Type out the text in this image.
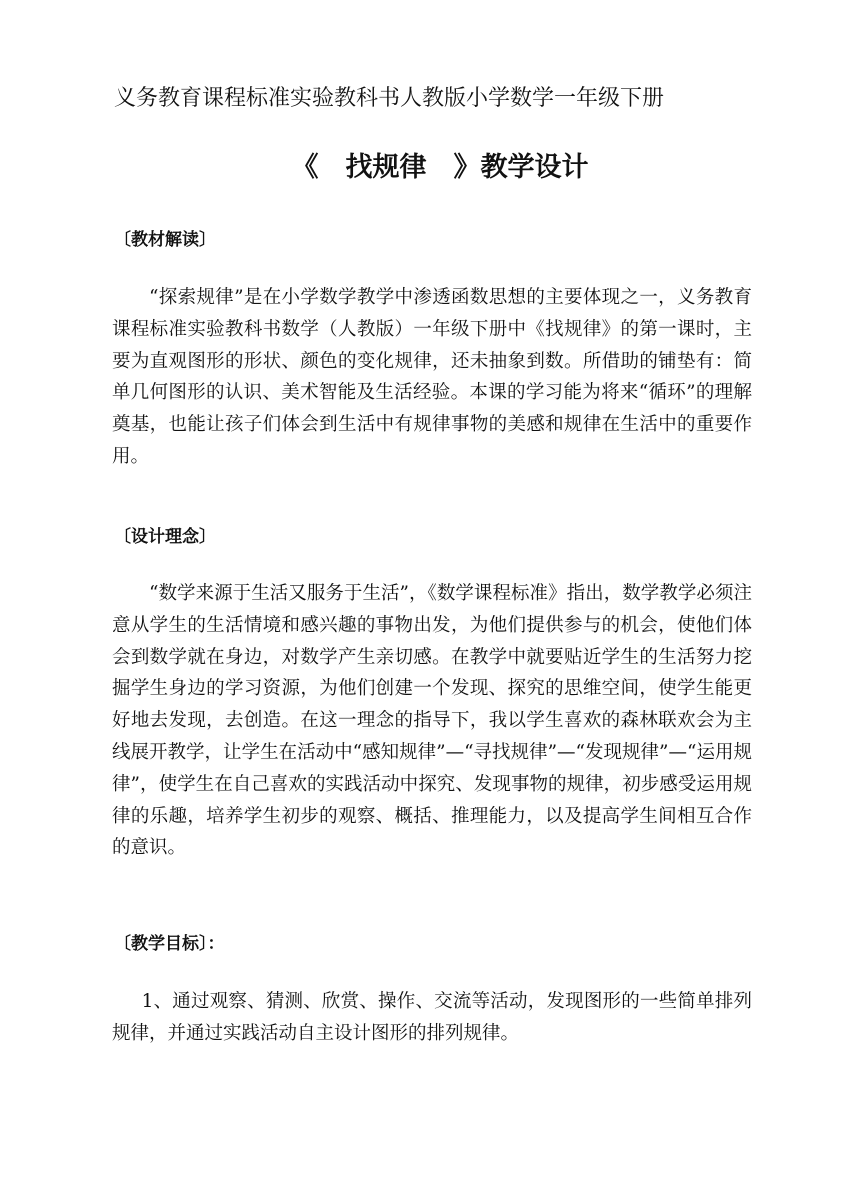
义务教育课程标准实验教科书人教版小学数学一年级下册
《　找规律　》教学设计
〔教材解读〕
“探索规律”是在小学数学教学中渗透函数思想的主要体现之一，义务教育课程标准实验教科书数学（人教版）一年级下册中《找规律》的第一课时，主要为直观图形的形状、颜色的变化规律，还未抽象到数。所借助的铺垫有：简单几何图形的认识、美术智能及生活经验。本课的学习能为将来“循环”的理解奠基，也能让孩子们体会到生活中有规律事物的美感和规律在生活中的重要作用。
〔设计理念〕
“数学来源于生活又服务于生活”，《数学课程标准》指出，数学教学必须注意从学生的生活情境和感兴趣的事物出发，为他们提供参与的机会，使他们体会到数学就在身边，对数学产生亲切感。在教学中就要贴近学生的生活努力挖掘学生身边的学习资源，为他们创建一个发现、探究的思维空间，使学生能更好地去发现，去创造。在这一理念的指导下，我以学生喜欢的森林联欢会为主线展开教学，让学生在活动中“感知规律”—“寻找规律”—“发现规律”—“运用规律”，使学生在自己喜欢的实践活动中探究、发现事物的规律，初步感受运用规律的乐趣，培养学生初步的观察、概括、推理能力，以及提高学生间相互合作的意识。
〔教学目标〕：
1、通过观察、猜测、欣赏、操作、交流等活动，发现图形的一些简单排列规律，并通过实践活动自主设计图形的排列规律。
